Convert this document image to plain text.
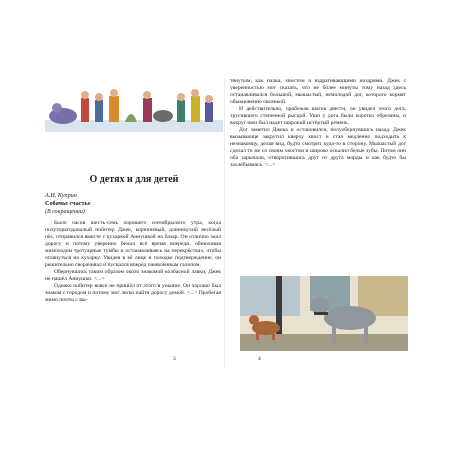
О детях и для детей

А.И. Куприн

Собачье счастье

(В сокращении)

Было часов шесть-семь хорошего сентябрьского утра, когда полуторагодовалый пойнтер Джек, коричневый, длинноухий весёлый пёс, отправился вместе с кухаркой Аннушкой на базар. Он отлично знал дорогу и потому уверенно бежал всё время впереди, обнюхивая мимоходом тротуарные тумбы и останавливаясь на перекрёстках, чтобы оглянуться на кухарку. Увидев в её лице и походке подтверждение, он решительно сворачивал и пускался вперёд оживлённым галопом.

Обернувшись таким образом около знакомой колбасной лавки, Джек не нашёл Аннушки. <...>

Однако пойнтер вовсе не пришёл от этого в уныние. Он хорошо был знаком с городом и потому мог легко найти дорогу домой. <...> Пробегая мимо почты с вы-

3

тянутым, как палка, хвостом и вздрагивающими ноздрями, Джек с уверенностью мог сказать, что не более минуты тому назад здесь останавливался большой, мышастый, немолодой дог, которого кормят обыкновенно овсянкой.

И действительно, пробежав шагов двести, он увидел этого дога, трусившего степенной рысцой. Уши у дога были коротко обрезаны, и вокруг шеи был надет широкий истёртый ремень.

Дог заметил Джека и остановился, полуобернувшись назад. Джек вызывающе закрутил кверху хвост и стал медленно подходить к незнакомцу, делая вид, будто смотрит куда-то в сторону. Мышастый дог сделал то же со своим хвостом и широко оскалил белые зубы. Потом они оба зарычали, отворотившись друг от друга морды и как будто бы захлёбываясь. <...>

4
